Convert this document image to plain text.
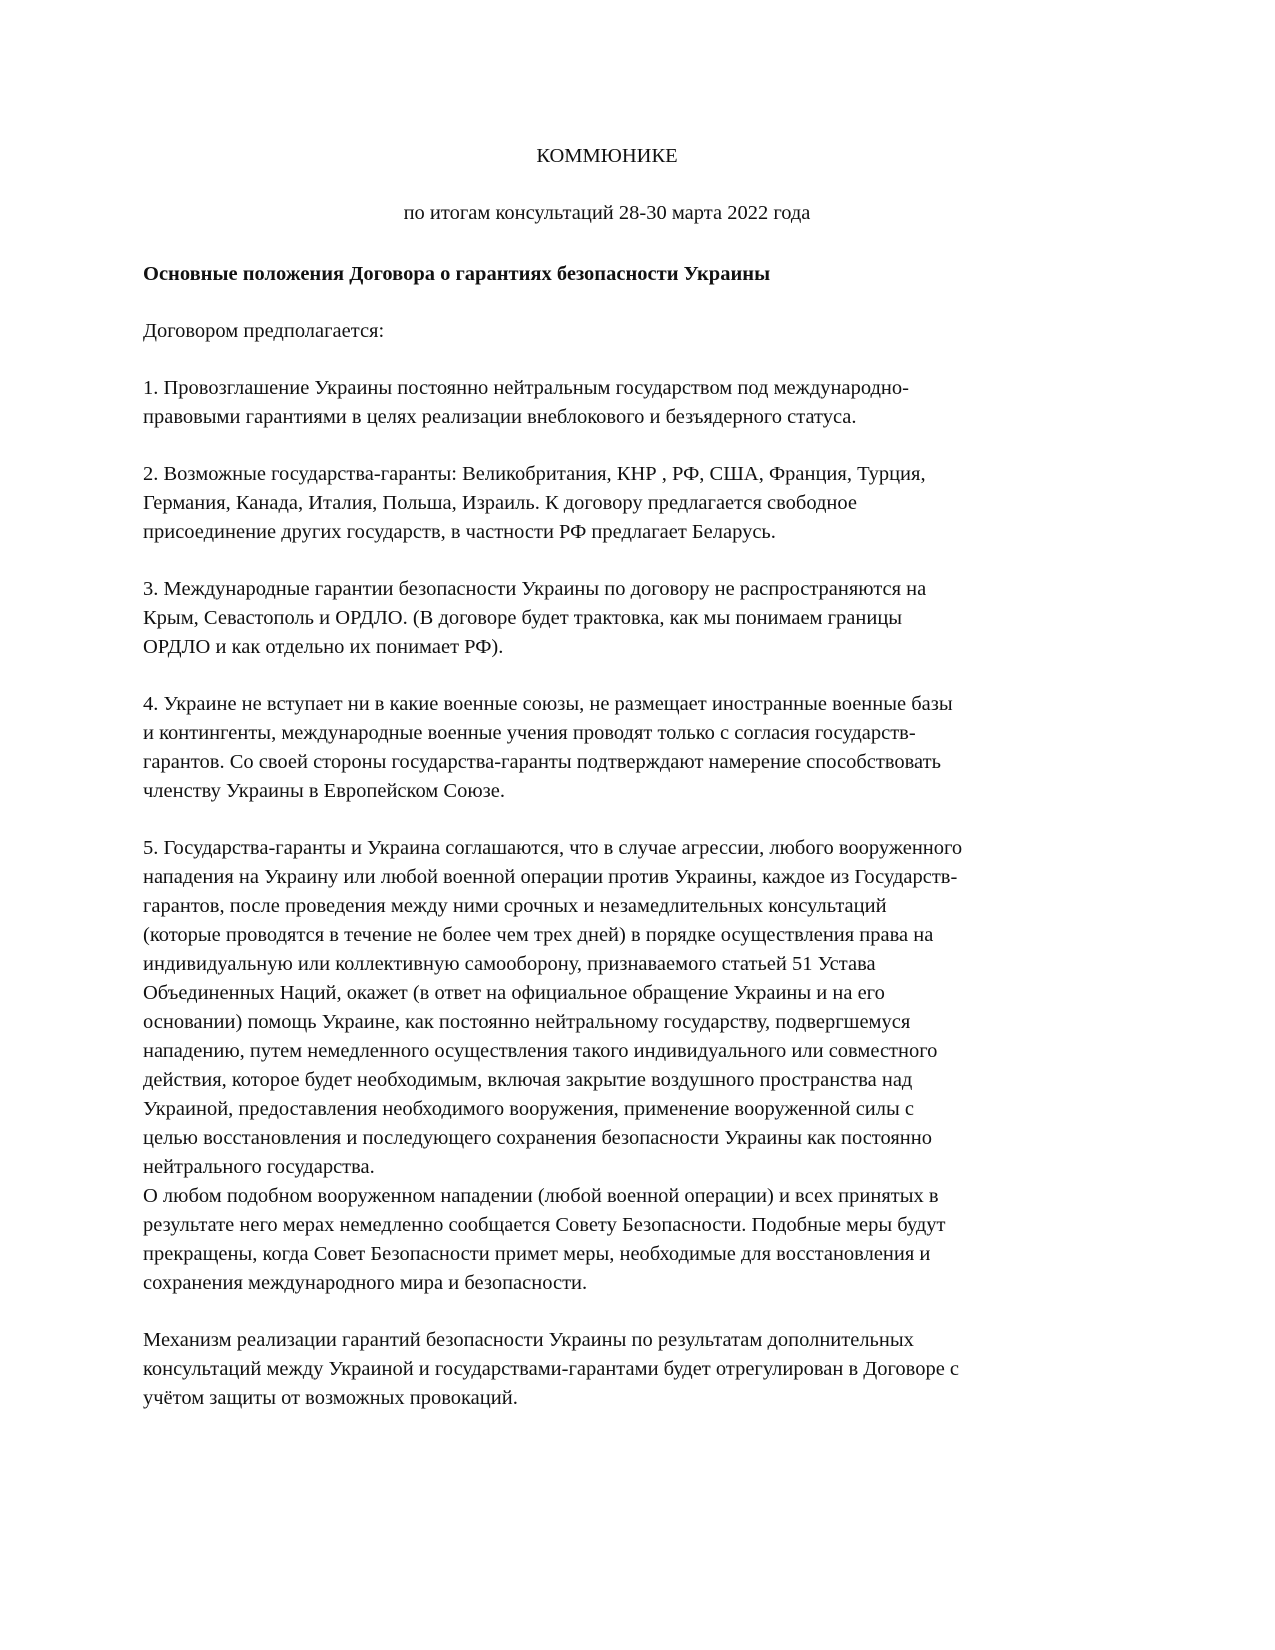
КОММЮНИКЕ
по итогам консультаций 28-30 марта 2022 года
Основные положения Договора о гарантиях безопасности Украины
Договором предполагается:
1. Провозглашение Украины постоянно нейтральным государством под международно-
правовыми гарантиями в целях реализации внеблокового и безъядерного статуса.
2. Возможные государства-гаранты: Великобритания, КНР , РФ, США, Франция, Турция,
Германия, Канада, Италия, Польша, Израиль. К договору предлагается свободное
присоединение других государств, в частности РФ предлагает Беларусь.
3. Международные гарантии безопасности Украины по договору не распространяются на
Крым, Севастополь и ОРДЛО. (В договоре будет трактовка, как мы понимаем границы
ОРДЛО и как отдельно их понимает РФ).
4. Украине не вступает ни в какие военные союзы, не размещает иностранные военные базы
и контингенты, международные военные учения проводят только с согласия государств-
гарантов. Со своей стороны государства-гаранты подтверждают намерение способствовать
членству Украины в Европейском Союзе.
5. Государства-гаранты и Украина соглашаются, что в случае агрессии, любого вооруженного
нападения на Украину или любой военной операции против Украины, каждое из Государств-
гарантов, после проведения между ними срочных и незамедлительных консультаций
(которые проводятся в течение не более чем трех дней) в порядке осуществления права на
индивидуальную или коллективную самооборону, признаваемого статьей 51 Устава
Объединенных Наций, окажет (в ответ на официальное обращение Украины и на его
основании) помощь Украине, как постоянно нейтральному государству, подвергшемуся
нападению, путем немедленного осуществления такого индивидуального или совместного
действия, которое будет необходимым, включая закрытие воздушного пространства над
Украиной, предоставления необходимого вооружения, применение вооруженной силы с
целью восстановления и последующего сохранения безопасности Украины как постоянно
нейтрального государства.
О любом подобном вооруженном нападении (любой военной операции) и всех принятых в
результате него мерах немедленно сообщается Совету Безопасности. Подобные меры будут
прекращены, когда Совет Безопасности примет меры, необходимые для восстановления и
сохранения международного мира и безопасности.
Механизм реализации гарантий безопасности Украины по результатам дополнительных
консультаций между Украиной и государствами-гарантами будет отрегулирован в Договоре с
учётом защиты от возможных провокаций.
